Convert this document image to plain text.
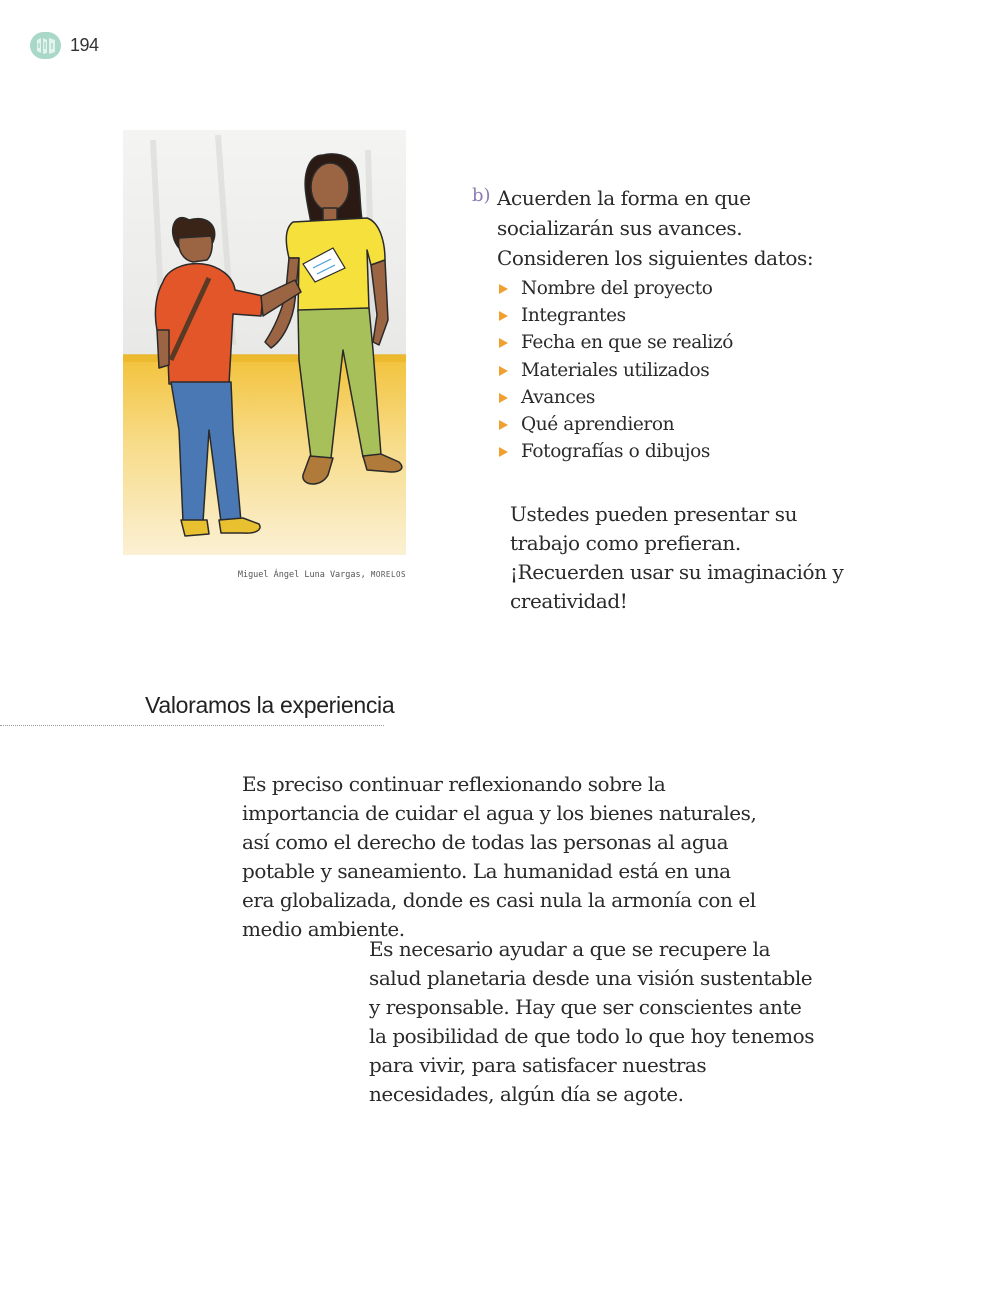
194
Miguel Ángel Luna Vargas, MORELOS
b) Acuerden la forma en que socializarán sus avances. Consideren los siguientes datos:
Nombre del proyecto
Integrantes
Fecha en que se realizó
Materiales utilizados
Avances
Qué aprendieron
Fotografías o dibujos
Ustedes pueden presentar su trabajo como prefieran. ¡Recuerden usar su imaginación y creatividad!
Valoramos la experiencia

Es preciso continuar reflexionando sobre la importancia de cuidar el agua y los bienes naturales, así como el derecho de todas las personas al agua potable y saneamiento. La humanidad está en una era globalizada, donde es casi nula la armonía con el medio ambiente.

Es necesario ayudar a que se recupere la salud planetaria desde una visión sustentable y responsable. Hay que ser conscientes ante la posibilidad de que todo lo que hoy tenemos para vivir, para satisfacer nuestras necesidades, algún día se agote.
